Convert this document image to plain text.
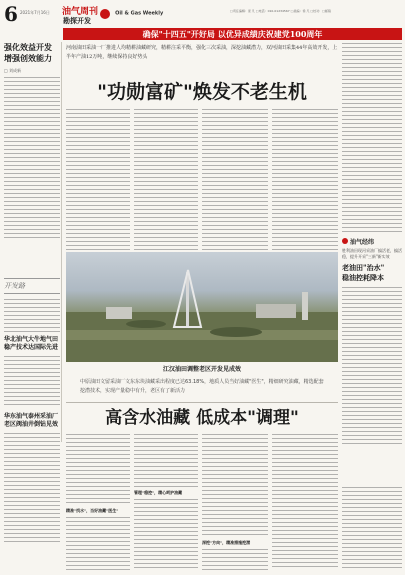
6 2021年7月16日 油气周刊	Oil & Gas Weekly
勘探开发
□责任编辑：庞 凡 □电话：010-01234567 □美编：徐 凡 □校对：□邮箱
确保"十四五"开好局 以优异成绩庆祝建党100周年
强化效益开发
增强创效能力
□ 刘成新
河南油田采油一厂推进人均精耕油藏研究，精耕注采平衡，强化三次采油，深挖油藏潜力，双河油田采集44年高效开发，上半年产油12万吨，继续保持良好势头
"功勋富矿"焕发不老生机
油气经纬
胜利油田现河采油厂搞活老，搞活稳，提升开采"三新"新实效
老油田"治水"
稳油控耗降本
江汉油田调整老区开发见成效
中原油田文留采油厂文东东块油藏采出程度已达63.18%，地质人员当好油藏"医生"，精细研究油藏，精选配套挖潜技术，实现产量稳中有升，老区有了新活力
开发路
华北油气大牛地气田
稳产技术达国际先进
华东油气泰州采油厂
老区阀油井倒钻见效	高含水油藏 低成本"调理"
精准"找水"，当好油藏"医生"
管理"稳控"，精心呵护油藏
深挖"方向"，精准措施挖潜
